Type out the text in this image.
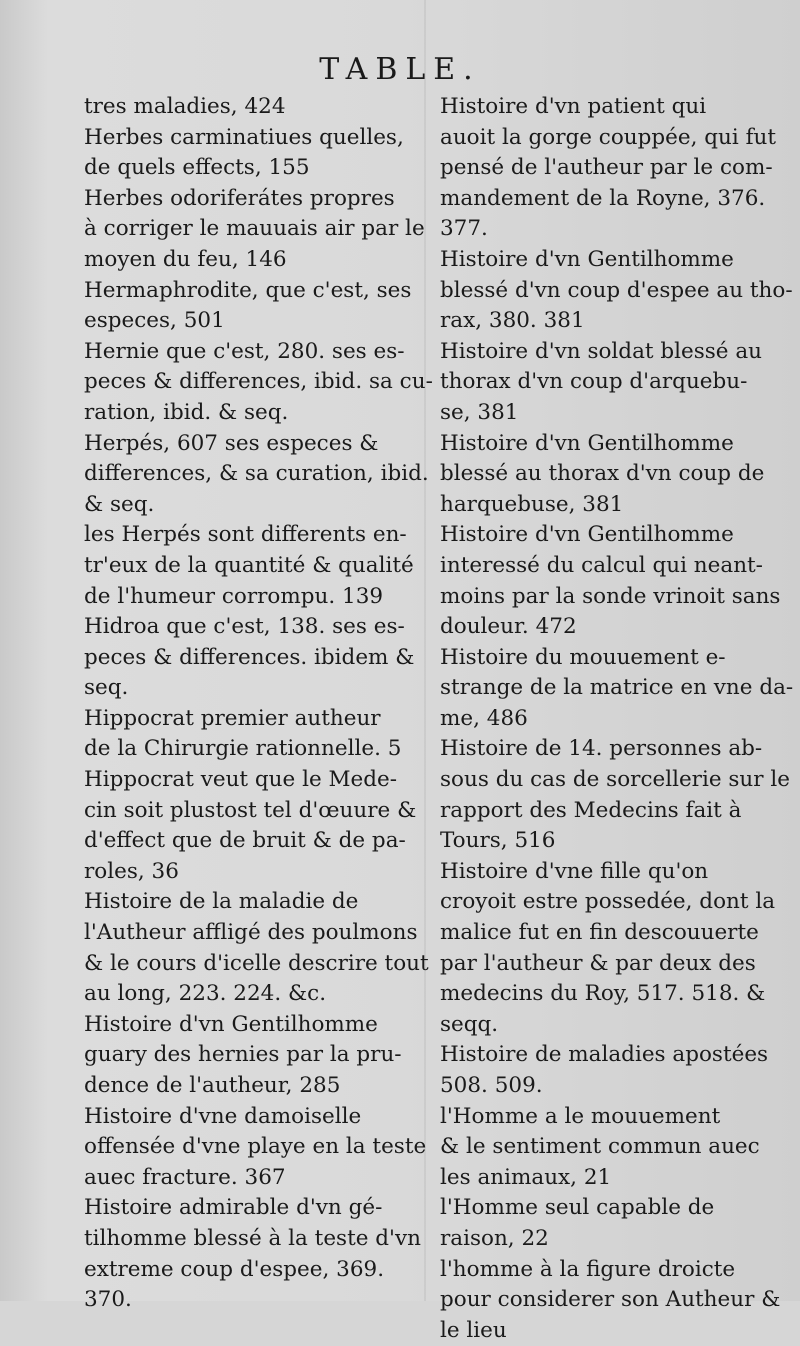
TABLE.
tres maladies, 424
Herbes carminatiues quelles,
de quels effects, 155
Herbes odoriferátes propres
à corriger le mauuais air par le
moyen du feu, 146
Hermaphrodite, que c'est, ses
especes, 501
Hernie que c'est, 280. ses es-
peces & differences, ibid. sa cu-
ration, ibid. & seq.
Herpés, 607 ses especes &
differences, & sa curation, ibid.
& seq.
les Herpés sont differents en-
tr'eux de la quantité & qualité
de l'humeur corrompu. 139
Hidroa que c'est, 138. ses es-
peces & differences. ibidem &
seq.
Hippocrat premier autheur
de la Chirurgie rationnelle. 5
Hippocrat veut que le Mede-
cin soit plustost tel d'œuure &
d'effect que de bruit & de pa-
roles, 36
Histoire de la maladie de
l'Autheur affligé des poulmons
& le cours d'icelle descrire tout
au long, 223. 224. &c.
Histoire d'vn Gentilhomme
guary des hernies par la pru-
dence de l'autheur, 285
Histoire d'vne damoiselle
offensée d'vne playe en la teste
auec fracture. 367
Histoire admirable d'vn gé-
tilhomme blessé à la teste d'vn
extreme coup d'espee, 369.
370.
Histoire d'vn patient qui
auoit la gorge couppée, qui fut
pensé de l'autheur par le com-
mandement de la Royne, 376.
377.
Histoire d'vn Gentilhomme
blessé d'vn coup d'espee au tho-
rax, 380. 381
Histoire d'vn soldat blessé au
thorax d'vn coup d'arquebu-
se, 381
Histoire d'vn Gentilhomme
blessé au thorax d'vn coup de
harquebuse, 381
Histoire d'vn Gentilhomme
interessé du calcul qui neant-
moins par la sonde vrinoit sans
douleur. 472
Histoire du mouuement e-
strange de la matrice en vne da-
me, 486
Histoire de 14. personnes ab-
sous du cas de sorcellerie sur le
rapport des Medecins fait à
Tours, 516
Histoire d'vne fille qu'on
croyoit estre possedée, dont la
malice fut en fin descouuerte
par l'autheur & par deux des
medecins du Roy, 517. 518. &
seqq.
Histoire de maladies apostées
508. 509.
l'Homme a le mouuement
& le sentiment commun auec
les animaux, 21
l'Homme seul capable de
raison, 22
l'homme à la figure droicte
pour considerer son Autheur &
le lieu
